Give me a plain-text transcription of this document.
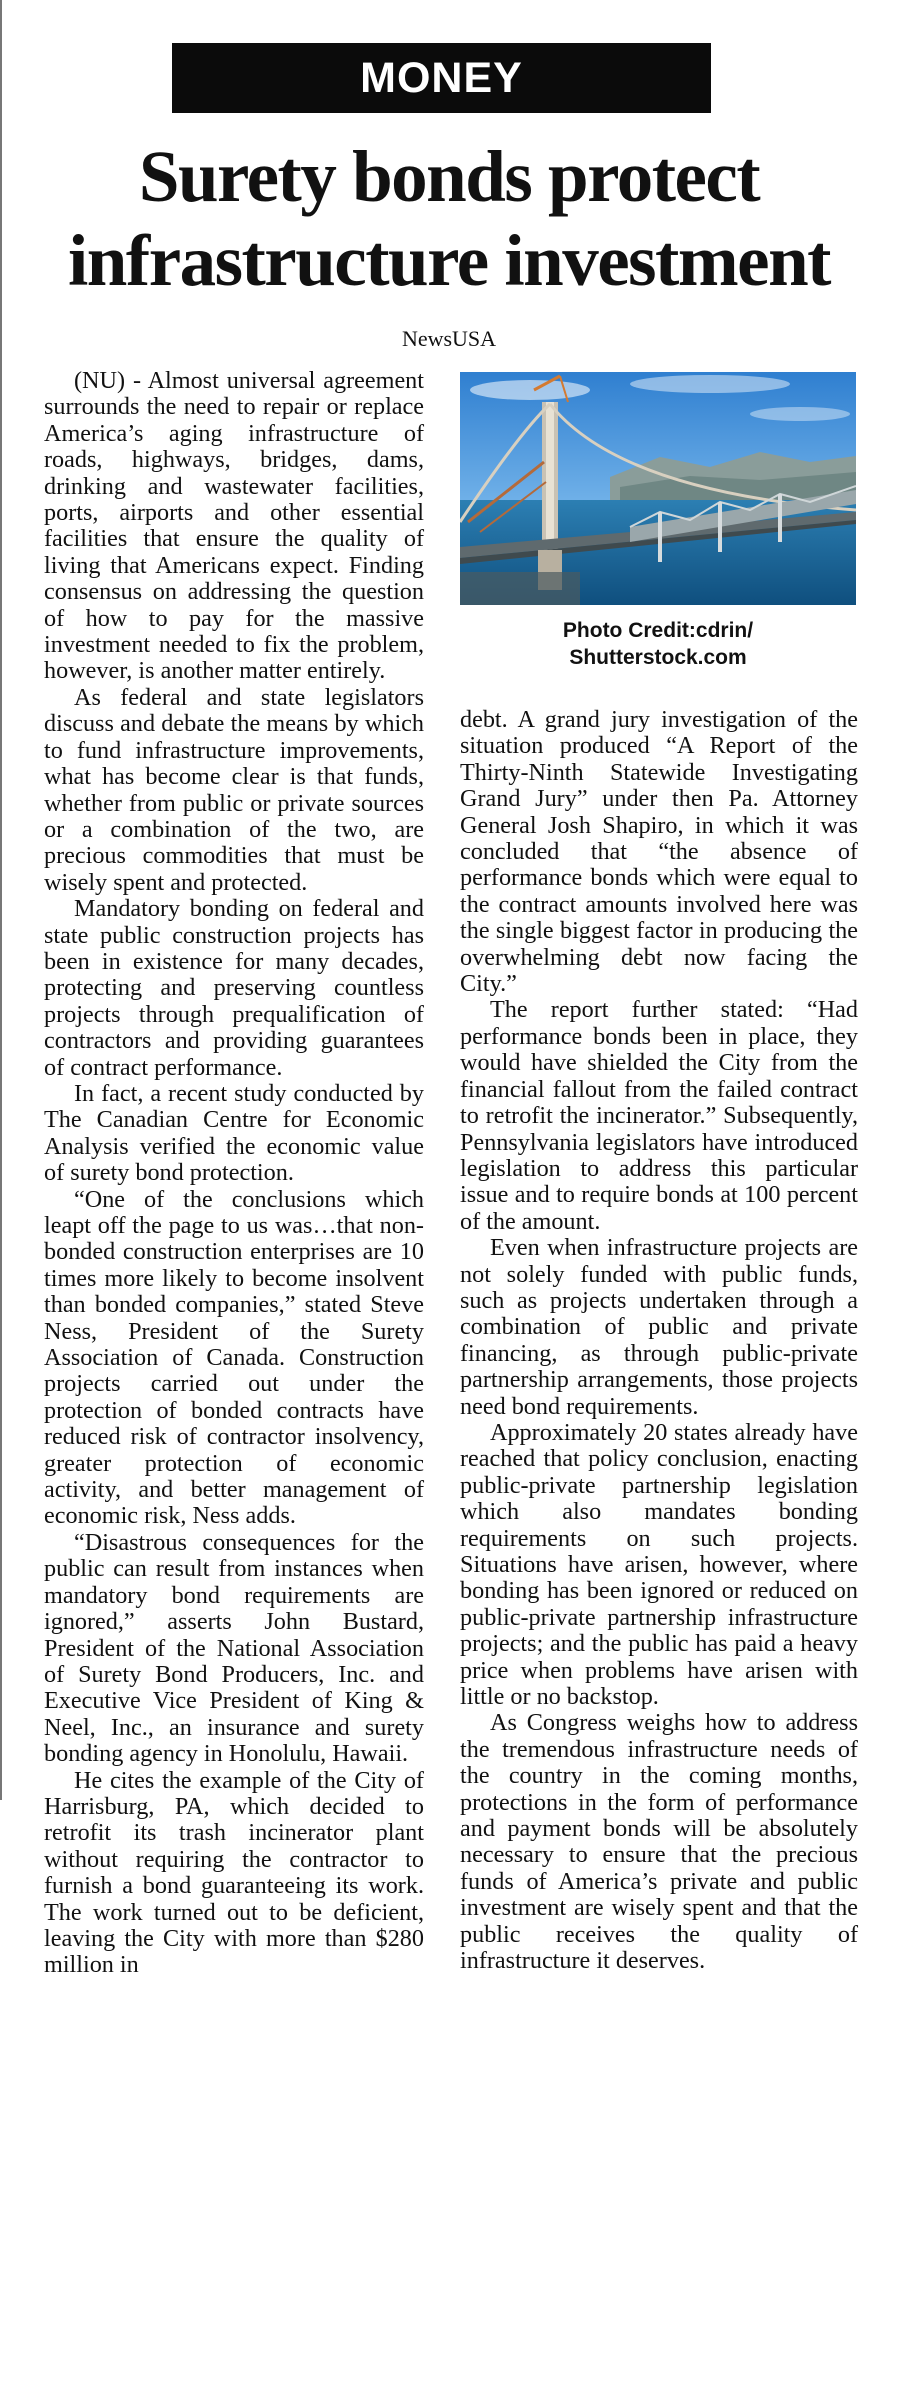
MONEY
Surety bonds protect
infrastructure investment
NewsUSA

(NU) - Almost universal agreement surrounds the need to repair or replace America’s aging infrastructure of roads, highways, bridges, dams, drinking and wastewater facilities, ports, airports and other essential facilities that ensure the quality of living that Americans expect. Finding consensus on addressing the question of how to pay for the massive investment needed to fix the problem, however, is another matter entirely.

As federal and state legislators discuss and debate the means by which to fund infrastructure improvements, what has become clear is that funds, whether from public or private sources or a combination of the two, are precious commodities that must be wisely spent and protected.

Mandatory bonding on federal and state public construction projects has been in existence for many decades, protecting and preserving countless projects through prequalification of contractors and providing guarantees of contract performance.

In fact, a recent study conducted by The Canadian Centre for Economic Analysis verified the economic value of surety bond protection.

“One of the conclusions which leapt off the page to us was…that non-bonded construction enterprises are 10 times more likely to become insolvent than bonded companies,” stated Steve Ness, President of the Surety Association of Canada. Construction projects carried out under the protection of bonded contracts have reduced risk of contractor insolvency, greater protection of economic activity, and better management of economic risk, Ness adds.

“Disastrous consequences for the public can result from instances when mandatory bond requirements are ignored,” asserts John Bustard, President of the National Association of Surety Bond Producers, Inc. and Executive Vice President of King & Neel, Inc., an insurance and surety bonding agency in Honolulu, Hawaii.

He cites the example of the City of Harrisburg, PA, which decided to retrofit its trash incinerator plant without requiring the contractor to furnish a bond guaranteeing its work. The work turned out to be deficient, leaving the City with more than $280 million in

Photo Credit:cdrin/
Shutterstock.com

debt. A grand jury investigation of the situation produced “A Report of the Thirty-Ninth Statewide Investigating Grand Jury” under then Pa. Attorney General Josh Shapiro, in which it was concluded that “the absence of performance bonds which were equal to the contract amounts involved here was the single biggest factor in producing the overwhelming debt now facing the City.”

The report further stated: “Had performance bonds been in place, they would have shielded the City from the financial fallout from the failed contract to retrofit the incinerator.” Subsequently, Pennsylvania legislators have introduced legislation to address this particular issue and to require bonds at 100 percent of the amount.

Even when infrastructure projects are not solely funded with public funds, such as projects undertaken through a combination of public and private financing, as through public-private partnership arrangements, those projects need bond requirements.

Approximately 20 states already have reached that policy conclusion, enacting public-private partnership legislation which also mandates bonding requirements on such projects. Situations have arisen, however, where bonding has been ignored or reduced on public-private partnership infrastructure projects; and the public has paid a heavy price when problems have arisen with little or no backstop.

As Congress weighs how to address the tremendous infrastructure needs of the country in the coming months, protections in the form of performance and payment bonds will be absolutely necessary to ensure that the precious funds of America’s private and public investment are wisely spent and that the public receives the quality of infrastructure it deserves.
